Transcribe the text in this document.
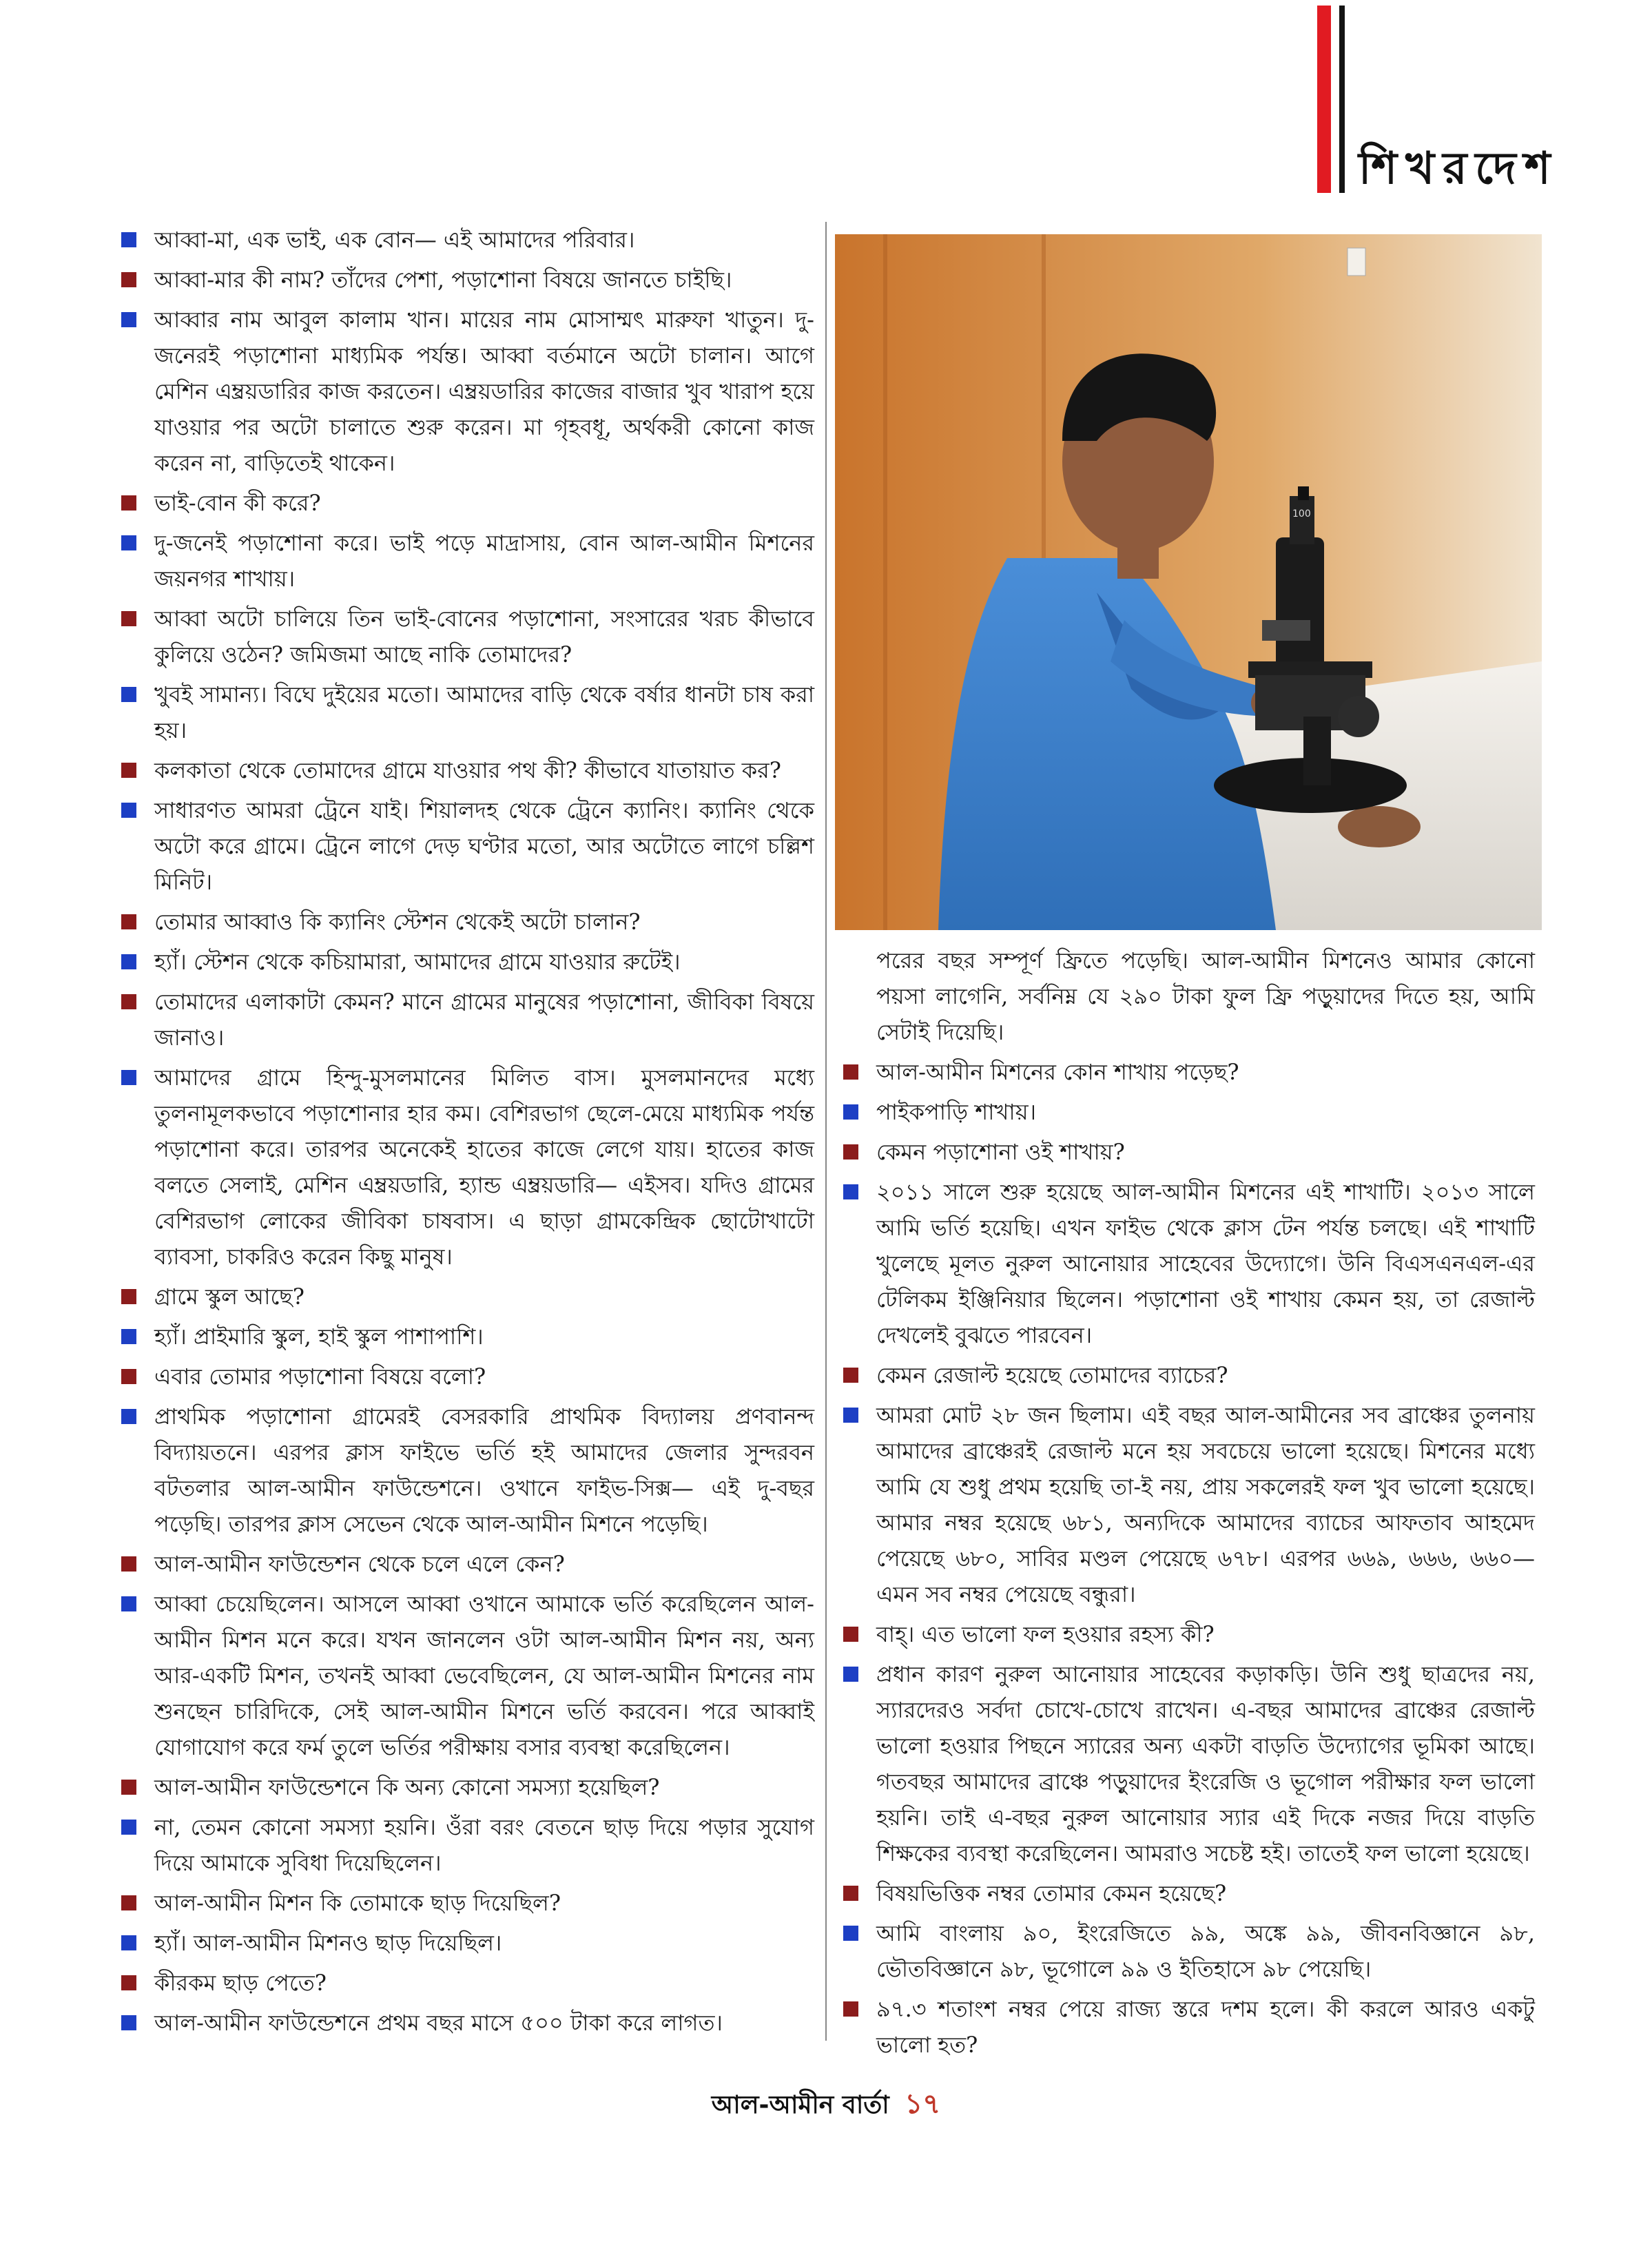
শিখরদেশ
আব্বা-মা, এক ভাই, এক বোন— এই আমাদের পরিবার।
আব্বা-মার কী নাম? তাঁদের পেশা, পড়াশোনা বিষয়ে জানতে চাইছি।
আব্বার নাম আবুল কালাম খান। মায়ের নাম মোসাম্মৎ মারুফা খাতুন। দু-জনেরই পড়াশোনা মাধ্যমিক পর্যন্ত। আব্বা বর্তমানে অটো চালান। আগে মেশিন এম্ব্রয়ডারির কাজ করতেন। এম্ব্রয়ডারির কাজের বাজার খুব খারাপ হয়ে যাওয়ার পর অটো চালাতে শুরু করেন। মা গৃহবধূ, অর্থকরী কোনো কাজ করেন না, বাড়িতেই থাকেন।
ভাই-বোন কী করে?
দু-জনেই পড়াশোনা করে। ভাই পড়ে মাদ্রাসায়, বোন আল-আমীন মিশনের জয়নগর শাখায়।
আব্বা অটো চালিয়ে তিন ভাই-বোনের পড়াশোনা, সংসারের খরচ কীভাবে কুলিয়ে ওঠেন? জমিজমা আছে নাকি তোমাদের?
খুবই সামান্য। বিঘে দুইয়ের মতো। আমাদের বাড়ি থেকে বর্ষার ধানটা চাষ করা হয়।
কলকাতা থেকে তোমাদের গ্রামে যাওয়ার পথ কী? কীভাবে যাতায়াত কর?
সাধারণত আমরা ট্রেনে যাই। শিয়ালদহ থেকে ট্রেনে ক্যানিং। ক্যানিং থেকে অটো করে গ্রামে। ট্রেনে লাগে দেড় ঘণ্টার মতো, আর অটোতে লাগে চল্লিশ মিনিট।
তোমার আব্বাও কি ক্যানিং স্টেশন থেকেই অটো চালান?
হ্যাঁ। স্টেশন থেকে কচিয়ামারা, আমাদের গ্রামে যাওয়ার রুটেই।
তোমাদের এলাকাটা কেমন? মানে গ্রামের মানুষের পড়াশোনা, জীবিকা বিষয়ে জানাও।
আমাদের গ্রামে হিন্দু-মুসলমানের মিলিত বাস। মুসলমানদের মধ্যে তুলনামূলকভাবে পড়াশোনার হার কম। বেশিরভাগ ছেলে-মেয়ে মাধ্যমিক পর্যন্ত পড়াশোনা করে। তারপর অনেকেই হাতের কাজে লেগে যায়। হাতের কাজ বলতে সেলাই, মেশিন এম্ব্রয়ডারি, হ্যান্ড এম্ব্রয়ডারি— এইসব। যদিও গ্রামের বেশিরভাগ লোকের জীবিকা চাষবাস। এ ছাড়া গ্রামকেন্দ্রিক ছোটোখাটো ব্যাবসা, চাকরিও করেন কিছু মানুষ।
গ্রামে স্কুল আছে?
হ্যাঁ। প্রাইমারি স্কুল, হাই স্কুল পাশাপাশি।
এবার তোমার পড়াশোনা বিষয়ে বলো?
প্রাথমিক পড়াশোনা গ্রামেরই বেসরকারি প্রাথমিক বিদ্যালয় প্রণবানন্দ বিদ্যায়তনে। এরপর ক্লাস ফাইভে ভর্তি হই আমাদের জেলার সুন্দরবন বটতলার আল-আমীন ফাউন্ডেশনে। ওখানে ফাইভ-সিক্স— এই দু-বছর পড়েছি। তারপর ক্লাস সেভেন থেকে আল-আমীন মিশনে পড়েছি।
আল-আমীন ফাউন্ডেশন থেকে চলে এলে কেন?
আব্বা চেয়েছিলেন। আসলে আব্বা ওখানে আমাকে ভর্তি করেছিলেন আল-আমীন মিশন মনে করে। যখন জানলেন ওটা আল-আমীন মিশন নয়, অন্য আর-একটি মিশন, তখনই আব্বা ভেবেছিলেন, যে আল-আমীন মিশনের নাম শুনছেন চারিদিকে, সেই আল-আমীন মিশনে ভর্তি করবেন। পরে আব্বাই যোগাযোগ করে ফর্ম তুলে ভর্তির পরীক্ষায় বসার ব্যবস্থা করেছিলেন।
আল-আমীন ফাউন্ডেশনে কি অন্য কোনো সমস্যা হয়েছিল?
না, তেমন কোনো সমস্যা হয়নি। ওঁরা বরং বেতনে ছাড় দিয়ে পড়ার সুযোগ দিয়ে আমাকে সুবিধা দিয়েছিলেন।
আল-আমীন মিশন কি তোমাকে ছাড় দিয়েছিল?
হ্যাঁ। আল-আমীন মিশনও ছাড় দিয়েছিল।
কীরকম ছাড় পেতে?
আল-আমীন ফাউন্ডেশনে প্রথম বছর মাসে ৫০০ টাকা করে লাগত।
100
পরের বছর সম্পূর্ণ ফ্রিতে পড়েছি। আল-আমীন মিশনেও আমার কোনো পয়সা লাগেনি, সর্বনিম্ন যে ২৯০ টাকা ফুল ফ্রি পড়ুয়াদের দিতে হয়, আমি সেটাই দিয়েছি।
আল-আমীন মিশনের কোন শাখায় পড়েছ?
পাইকপাড়ি শাখায়।
কেমন পড়াশোনা ওই শাখায়?
২০১১ সালে শুরু হয়েছে আল-আমীন মিশনের এই শাখাটি। ২০১৩ সালে আমি ভর্তি হয়েছি। এখন ফাইভ থেকে ক্লাস টেন পর্যন্ত চলছে। এই শাখাটি খুলেছে মূলত নুরুল আনোয়ার সাহেবের উদ্যোগে। উনি বিএসএনএল-এর টেলিকম ইঞ্জিনিয়ার ছিলেন। পড়াশোনা ওই শাখায় কেমন হয়, তা রেজাল্ট দেখলেই বুঝতে পারবেন।
কেমন রেজাল্ট হয়েছে তোমাদের ব্যাচের?
আমরা মোট ২৮ জন ছিলাম। এই বছর আল-আমীনের সব ব্রাঞ্চের তুলনায় আমাদের ব্রাঞ্চেরই রেজাল্ট মনে হয় সবচেয়ে ভালো হয়েছে। মিশনের মধ্যে আমি যে শুধু প্রথম হয়েছি তা-ই নয়, প্রায় সকলেরই ফল খুব ভালো হয়েছে। আমার নম্বর হয়েছে ৬৮১, অন্যদিকে আমাদের ব্যাচের আফতাব আহমেদ পেয়েছে ৬৮০, সাবির মণ্ডল পেয়েছে ৬৭৮। এরপর ৬৬৯, ৬৬৬, ৬৬০— এমন সব নম্বর পেয়েছে বন্ধুরা।
বাহ্‌। এত ভালো ফল হওয়ার রহস্য কী?
প্রধান কারণ নুরুল আনোয়ার সাহেবের কড়াকড়ি। উনি শুধু ছাত্রদের নয়, স্যারদেরও সর্বদা চোখে-চোখে রাখেন। এ-বছর আমাদের ব্রাঞ্চের রেজাল্ট ভালো হওয়ার পিছনে স্যারের অন্য একটা বাড়তি উদ্যোগের ভূমিকা আছে। গতবছর আমাদের ব্রাঞ্চে পড়ুয়াদের ইংরেজি ও ভূগোল পরীক্ষার ফল ভালো হয়নি। তাই এ-বছর নুরুল আনোয়ার স্যার এই দিকে নজর দিয়ে বাড়তি শিক্ষকের ব্যবস্থা করেছিলেন। আমরাও সচেষ্ট হই। তাতেই ফল ভালো হয়েছে।
বিষয়ভিত্তিক নম্বর তোমার কেমন হয়েছে?
আমি বাংলায় ৯০, ইংরেজিতে ৯৯, অঙ্কে ৯৯, জীবনবিজ্ঞানে ৯৮, ভৌতবিজ্ঞানে ৯৮, ভূগোলে ৯৯ ও ইতিহাসে ৯৮ পেয়েছি।
৯৭.৩ শতাংশ নম্বর পেয়ে রাজ্য স্তরে দশম হলে। কী করলে আরও একটু ভালো হত?
আল-আমীন বার্তা ১৭
